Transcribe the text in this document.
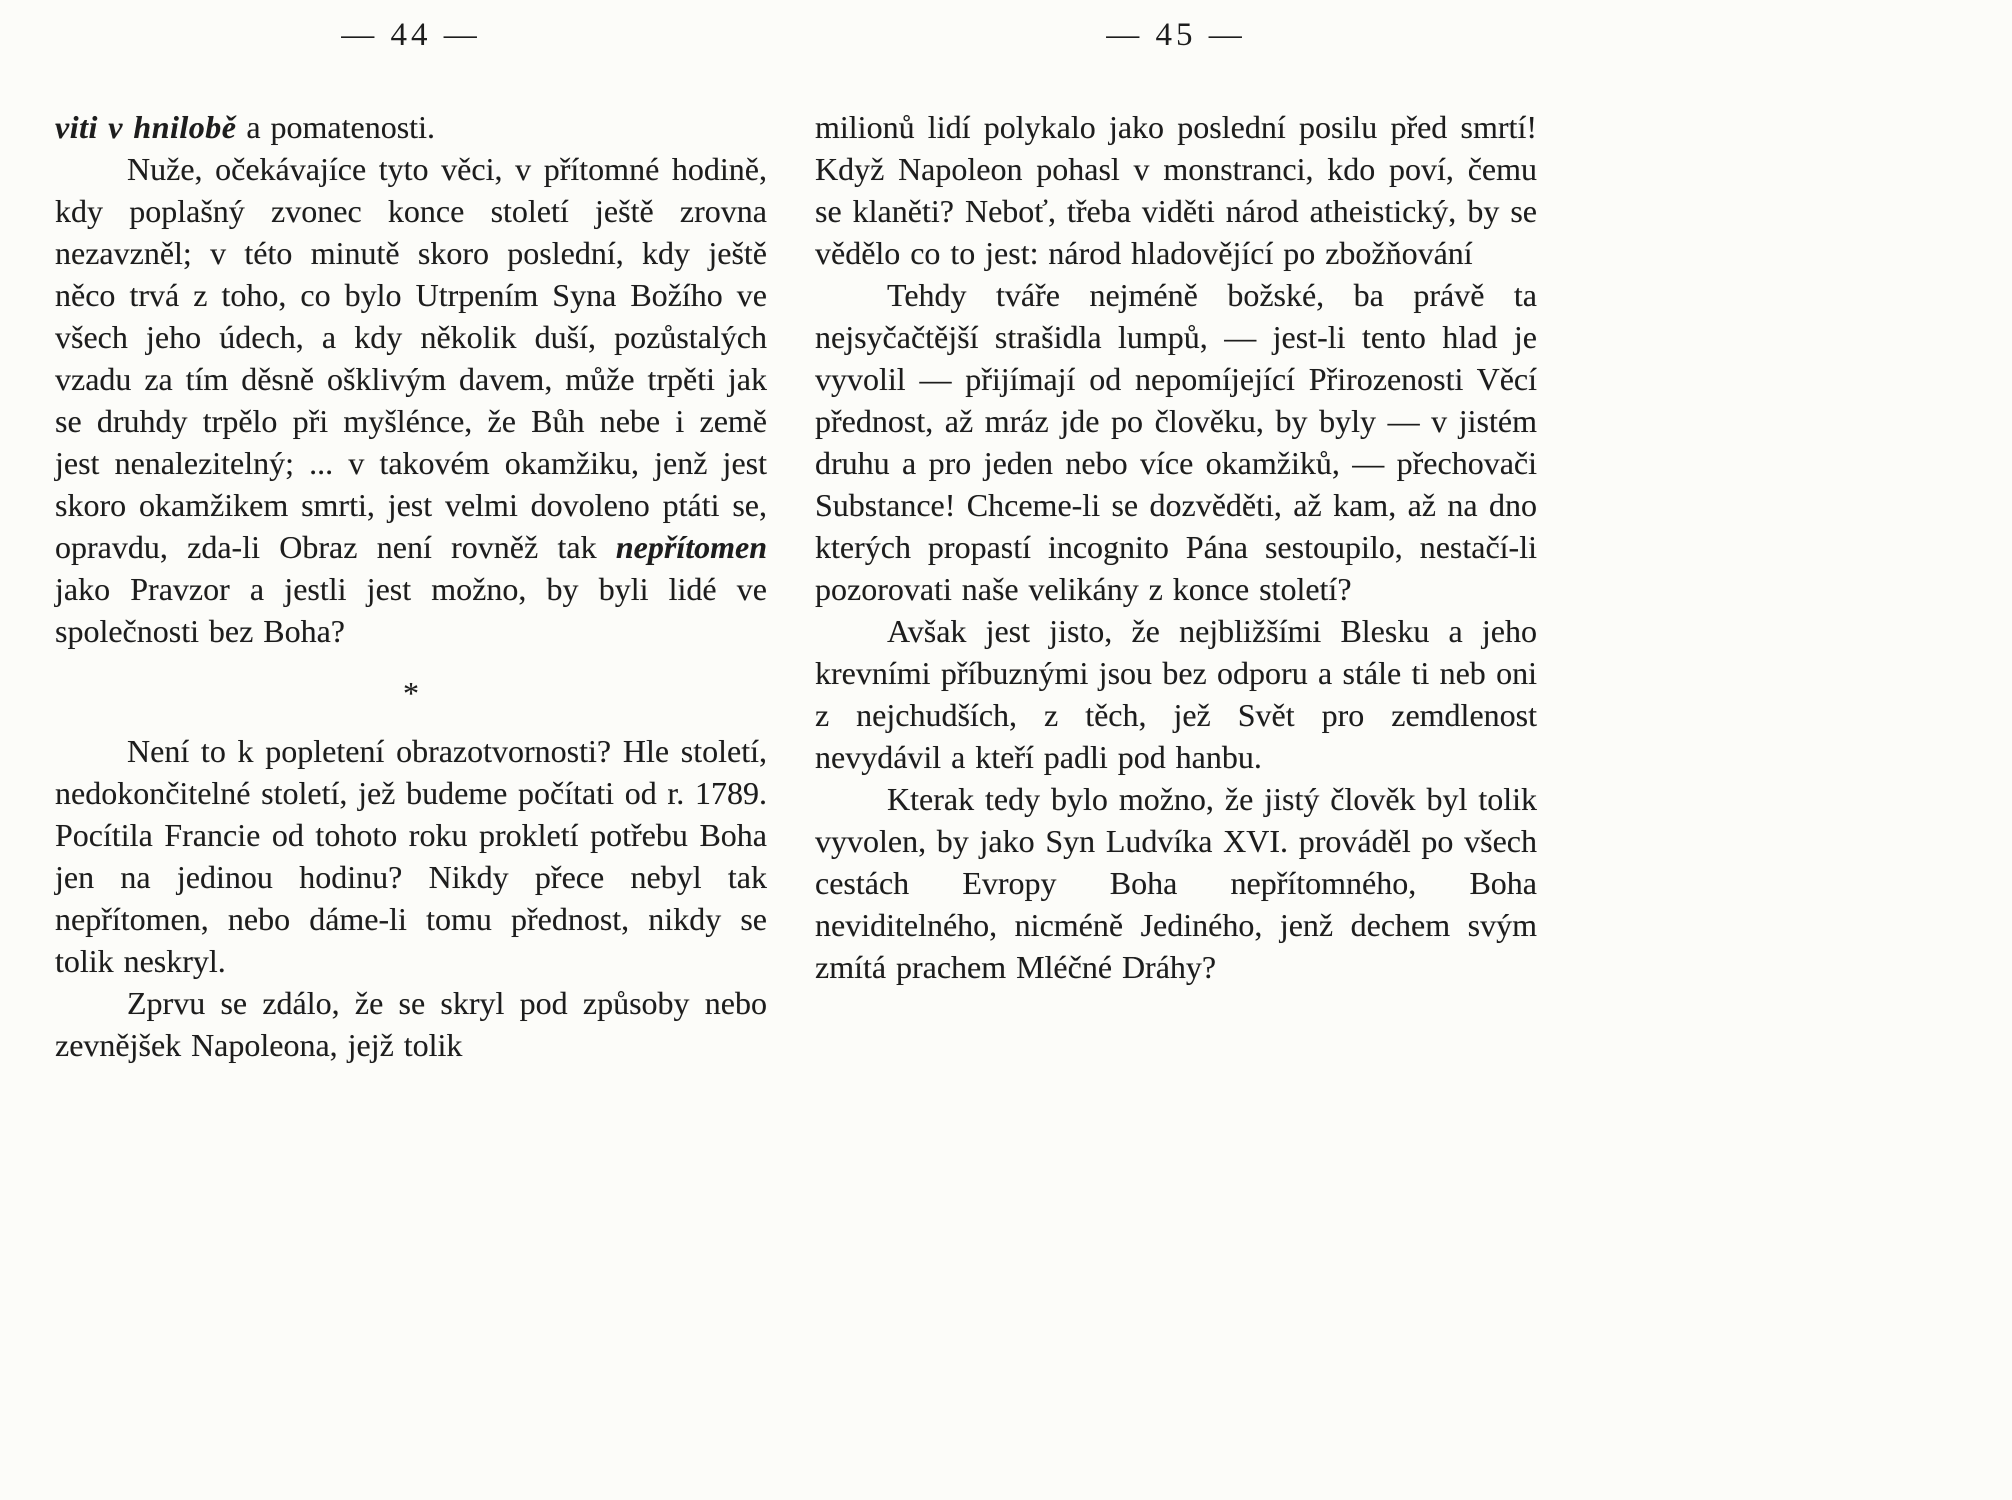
— 44 —

viti v hnilobě a pomatenosti.

Nuže, očekávajíce tyto věci, v přítomné hodině, kdy poplašný zvonec konce století ještě zrovna nezavzněl; v této minutě skoro poslední, kdy ještě něco trvá z toho, co bylo Utrpením Syna Božího ve všech jeho údech, a kdy několik duší, pozůstalých vzadu za tím děsně ošklivým davem, může trpěti jak se druhdy trpělo při myšlénce, že Bůh nebe i země jest nenalezitelný; ... v takovém okamžiku, jenž jest skoro okamžikem smrti, jest velmi dovoleno ptáti se, opravdu, zda-li Obraz není rovněž tak nepřítomen jako Pravzor a jestli jest možno, by byli lidé ve společnosti bez Boha?

*

Není to k popletení obrazotvornosti? Hle století, nedokončitelné století, jež budeme počítati od r. 1789. Pocítila Francie od tohoto roku prokletí potřebu Boha jen na jedinou hodinu? Nikdy přece nebyl tak nepřítomen, nebo dáme-li tomu přednost, nikdy se tolik neskryl.

Zprvu se zdálo, že se skryl pod způsoby nebo zevnějšek Napoleona, jejž tolik

— 45 —

milionů lidí polykalo jako poslední posilu před smrtí! Když Napoleon pohasl v monstranci, kdo poví, čemu se klaněti? Neboť, třeba viděti národ atheistický, by se vědělo co to jest: národ hladovějící po zbožňování

Tehdy tváře nejméně božské, ba právě ta nejsyčačtější strašidla lumpů, — jest-li tento hlad je vyvolil — přijímají od nepomíjející Přirozenosti Věcí přednost, až mráz jde po člověku, by byly — v jistém druhu a pro jeden nebo více okamžiků, — přechovači Substance! Chceme-li se dozvěděti, až kam, až na dno kterých propastí incognito Pána sestoupilo, nestačí-li pozorovati naše velikány z konce století?

Avšak jest jisto, že nejbližšími Blesku a jeho krevními příbuznými jsou bez odporu a stále ti neb oni z nejchudších, z těch, jež Svět pro zemdlenost nevydávil a kteří padli pod hanbu.

Kterak tedy bylo možno, že jistý člověk byl tolik vyvolen, by jako Syn Ludvíka XVI. prováděl po všech cestách Evropy Boha nepřítomného, Boha neviditelného, nicméně Jediného, jenž dechem svým zmítá prachem Mléčné Dráhy?
